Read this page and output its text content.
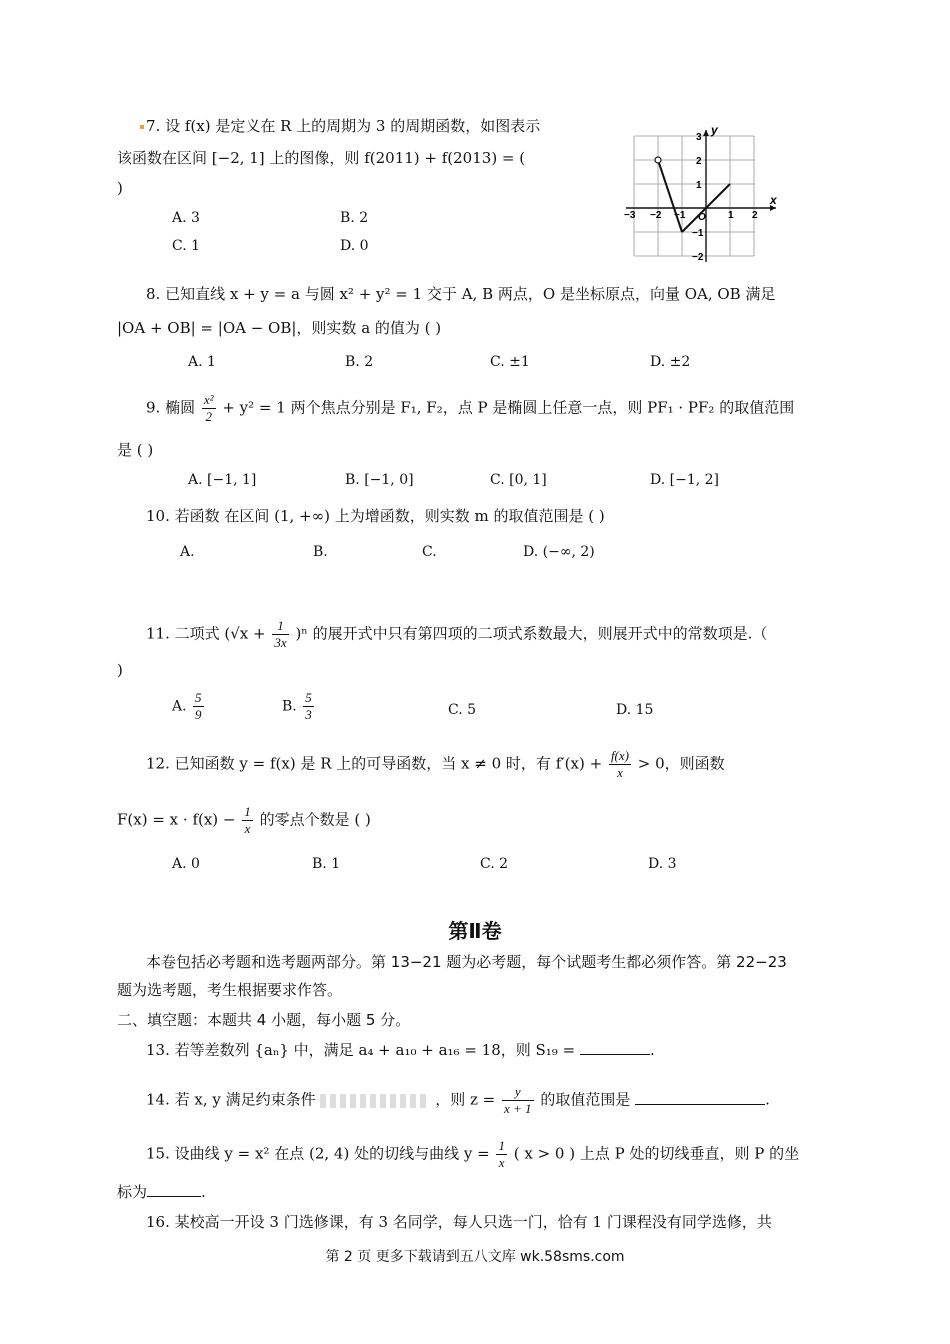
7. 设 f(x) 是定义在 R 上的周期为 3 的周期函数，如图表示
该函数在区间 [−2, 1] 上的图像，则 f(2011) + f(2013) = (
)
A. 3	B. 2
C. 1	D. 0
x
y
O
−3 −2 −1	1 2
3
2
1
−1
−2
8. 已知直线 x + y = a 与圆 x² + y² = 1 交于 A, B 两点，O 是坐标原点，向量 OA, OB 满足
|OA + OB| = |OA − OB|，则实数 a 的值为 ( )
A. 1	B. 2	C. ±1	D. ±2
9. 椭圆 $\frac{\text{x²}}{2} + y^2 = 1$ 两个焦点分别是 F₁, F₂，点 P 是椭圆上任意一点，则 PF₁ · PF₂ 的取值范围
是 ( )
A. [−1, 1]	B. [−1, 0]	C. [0, 1]	D. [−1, 2]
10. 若函数 在区间 (1, +∞) 上为增函数，则实数 m 的取值范围是 ( )
A.	B.	C.	D. (−∞, 2)
11. 二项式 $(√x + \frac{1}{3x} )^n$ 的展开式中只有第四项的二项式系数最大，则展开式中的常数项是.（
)
A. $\frac{5}{9}$	B. $\frac{5}{3}$	C. 5	D. 15
12. 已知函数 y = f(x) 是 R 上的可导函数，当 x ≠ 0 时，有 $f'(x) + \frac{f(x)}{x} > 0$，则函数
$F(x) = x \cdot f(x) - \frac{1}{x}$ 的零点个数是 ( )
A. 0	B. 1	C. 2	D. 3
第Ⅱ卷
本卷包括必考题和选考题两部分。第 13−21 题为必考题，每个试题考生都必须作答。第 22−23
题为选考题，考生根据要求作答。
二、填空题：本题共 4 小题，每小题 5 分。
13. 若等差数列 {aₙ} 中，满足 a₄ + a₁₀ + a₁₆ = 18，则 S₁₉ =	.
14. 若 x, y 满足约束条件	，则 $z = \frac{y}{x + 1}$ 的取值范围是	.
15. 设曲线 y = x² 在点 (2, 4) 处的切线与曲线 $y = \frac{1}{x}$ ( x > 0 ) 上点 P 处的切线垂直，则 P 的坐
标为	.
16. 某校高一开设 3 门选修课，有 3 名同学，每人只选一门，恰有 1 门课程没有同学选修，共
第 2 页 更多下载请到五八文库 wk.58sms.com
